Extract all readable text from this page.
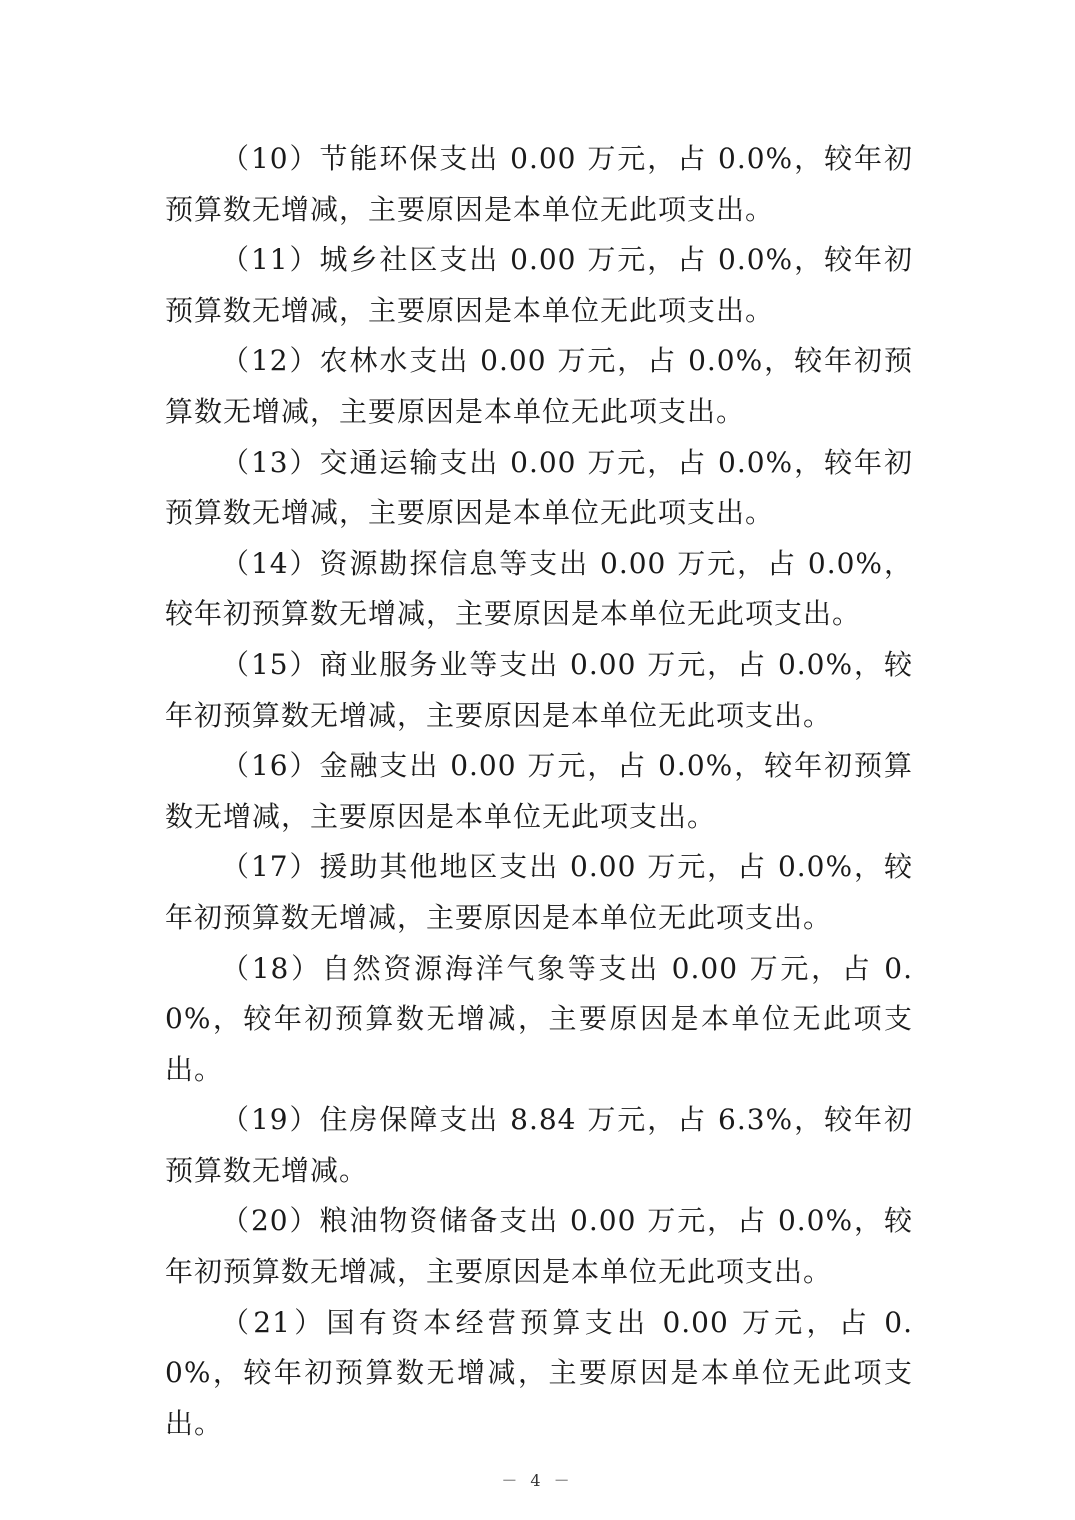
（10）节能环保支出 0.00 万元，占 0.0%，较年初预算数无增减，主要原因是本单位无此项支出。

（11）城乡社区支出 0.00 万元，占 0.0%，较年初预算数无增减，主要原因是本单位无此项支出。

（12）农林水支出 0.00 万元，占 0.0%，较年初预算数无增减，主要原因是本单位无此项支出。

（13）交通运输支出 0.00 万元，占 0.0%，较年初预算数无增减，主要原因是本单位无此项支出。

（14）资源勘探信息等支出 0.00 万元，占 0.0%，较年初预算数无增减，主要原因是本单位无此项支出。

（15）商业服务业等支出 0.00 万元，占 0.0%，较年初预算数无增减，主要原因是本单位无此项支出。

（16）金融支出 0.00 万元，占 0.0%，较年初预算数无增减，主要原因是本单位无此项支出。

（17）援助其他地区支出 0.00 万元，占 0.0%，较年初预算数无增减，主要原因是本单位无此项支出。

（18）自然资源海洋气象等支出 0.00 万元，占 0.0%，较年初预算数无增减，主要原因是本单位无此项支出。

（19）住房保障支出 8.84 万元，占 6.3%，较年初预算数无增减。

（20）粮油物资储备支出 0.00 万元，占 0.0%，较年初预算数无增减，主要原因是本单位无此项支出。

（21）国有资本经营预算支出 0.00 万元，占 0.0%，较年初预算数无增减，主要原因是本单位无此项支出。

－ 4 －
